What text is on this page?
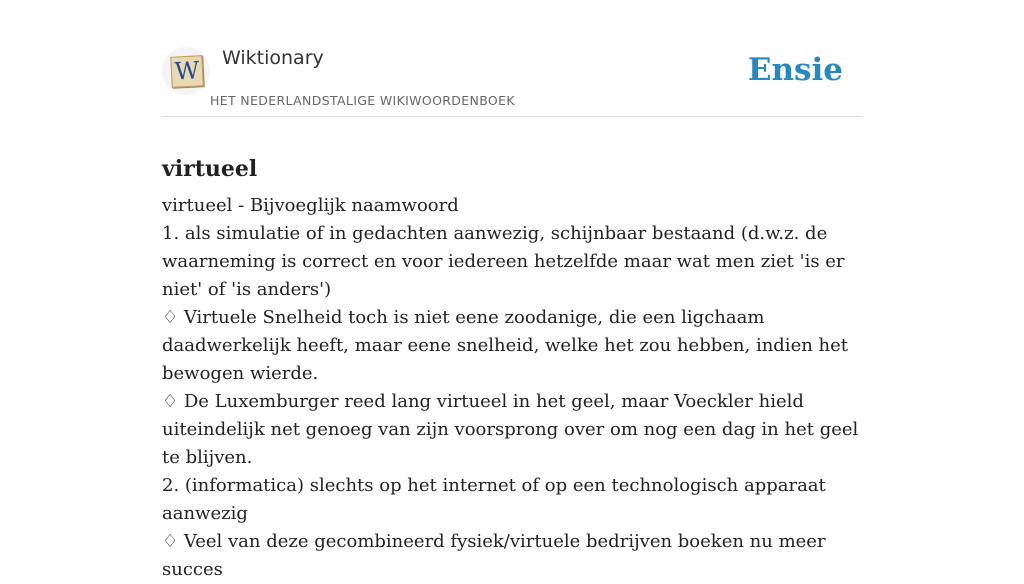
W Wiktionary
HET NEDERLANDSTALIGE WIKIWOORDENBOEK
Ensie
virtueel

virtueel - Bijvoeglijk naamwoord

1. als simulatie of in gedachten aanwezig, schijnbaar bestaand (d.w.z. de waarneming is correct en voor iedereen hetzelfde maar wat men ziet 'is er niet' of 'is anders')

♢ Virtuele Snelheid toch is niet eene zoodanige, die een ligchaam daadwerkelijk heeft, maar eene snelheid, welke het zou hebben, indien het bewogen wierde.

♢ De Luxemburger reed lang virtueel in het geel, maar Voeckler hield uiteindelijk net genoeg van zijn voorsprong over om nog een dag in het geel te blijven.

2. (informatica) slechts op het internet of op een technologisch apparaat aanwezig

♢ Veel van deze gecombineerd fysiek/virtuele bedrijven boeken nu meer succes
